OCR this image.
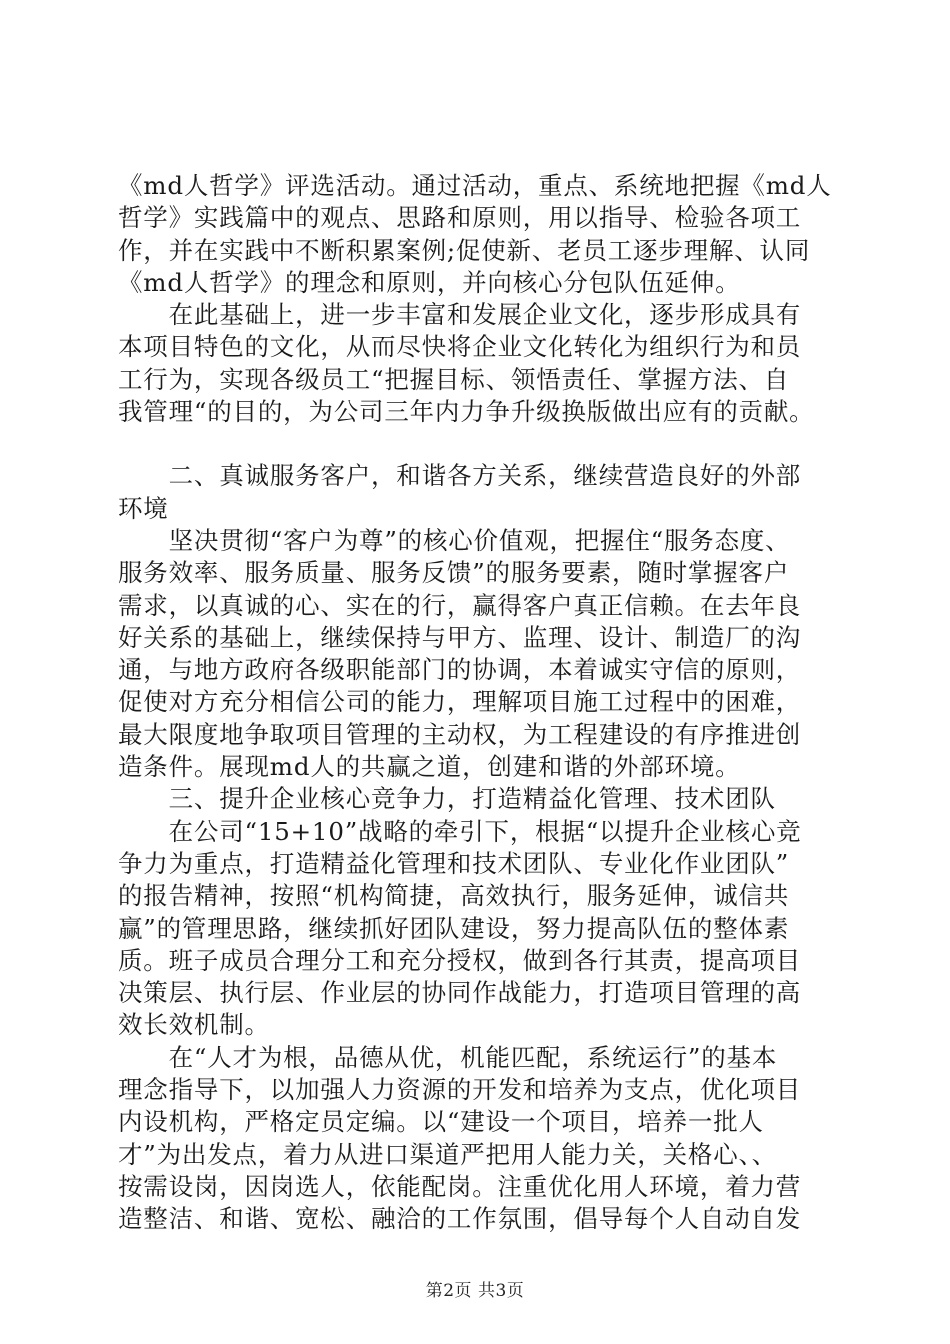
《md人哲学》评选活动。通过活动，重点、系统地把握《md人
哲学》实践篇中的观点、思路和原则，用以指导、检验各项工
作，并在实践中不断积累案例;促使新、老员工逐步理解、认同
《md人哲学》的理念和原则，并向核心分包队伍延伸。
　　在此基础上，进一步丰富和发展企业文化，逐步形成具有
本项目特色的文化，从而尽快将企业文化转化为组织行为和员
工行为，实现各级员工“把握目标、领悟责任、掌握方法、自
我管理“的目的，为公司三年内力争升级换版做出应有的贡献。
　　二、真诚服务客户，和谐各方关系，继续营造良好的外部
环境
　　坚决贯彻“客户为尊”的核心价值观，把握住“服务态度、
服务效率、服务质量、服务反馈”的服务要素，随时掌握客户
需求，以真诚的心、实在的行，赢得客户真正信赖。在去年良
好关系的基础上，继续保持与甲方、监理、设计、制造厂的沟
通，与地方政府各级职能部门的协调，本着诚实守信的原则，
促使对方充分相信公司的能力，理解项目施工过程中的困难，
最大限度地争取项目管理的主动权，为工程建设的有序推进创
造条件。展现md人的共赢之道，创建和谐的外部环境。
　　三、提升企业核心竞争力，打造精益化管理、技术团队
　　在公司“15+10”战略的牵引下，根据“以提升企业核心竞
争力为重点，打造精益化管理和技术团队、专业化作业团队”
的报告精神，按照“机构简捷，高效执行，服务延伸，诚信共
赢”的管理思路，继续抓好团队建设，努力提高队伍的整体素
质。班子成员合理分工和充分授权，做到各行其责，提高项目
决策层、执行层、作业层的协同作战能力，打造项目管理的高
效长效机制。
　　在“人才为根，品德从优，机能匹配，系统运行”的基本
理念指导下，以加强人力资源的开发和培养为支点，优化项目
内设机构，严格定员定编。以“建设一个项目，培养一批人
才”为出发点，着力从进口渠道严把用人能力关，关格心、、
按需设岗，因岗选人，依能配岗。注重优化用人环境，着力营
造整洁、和谐、宽松、融洽的工作氛围，倡导每个人自动自发
第2页 共3页
